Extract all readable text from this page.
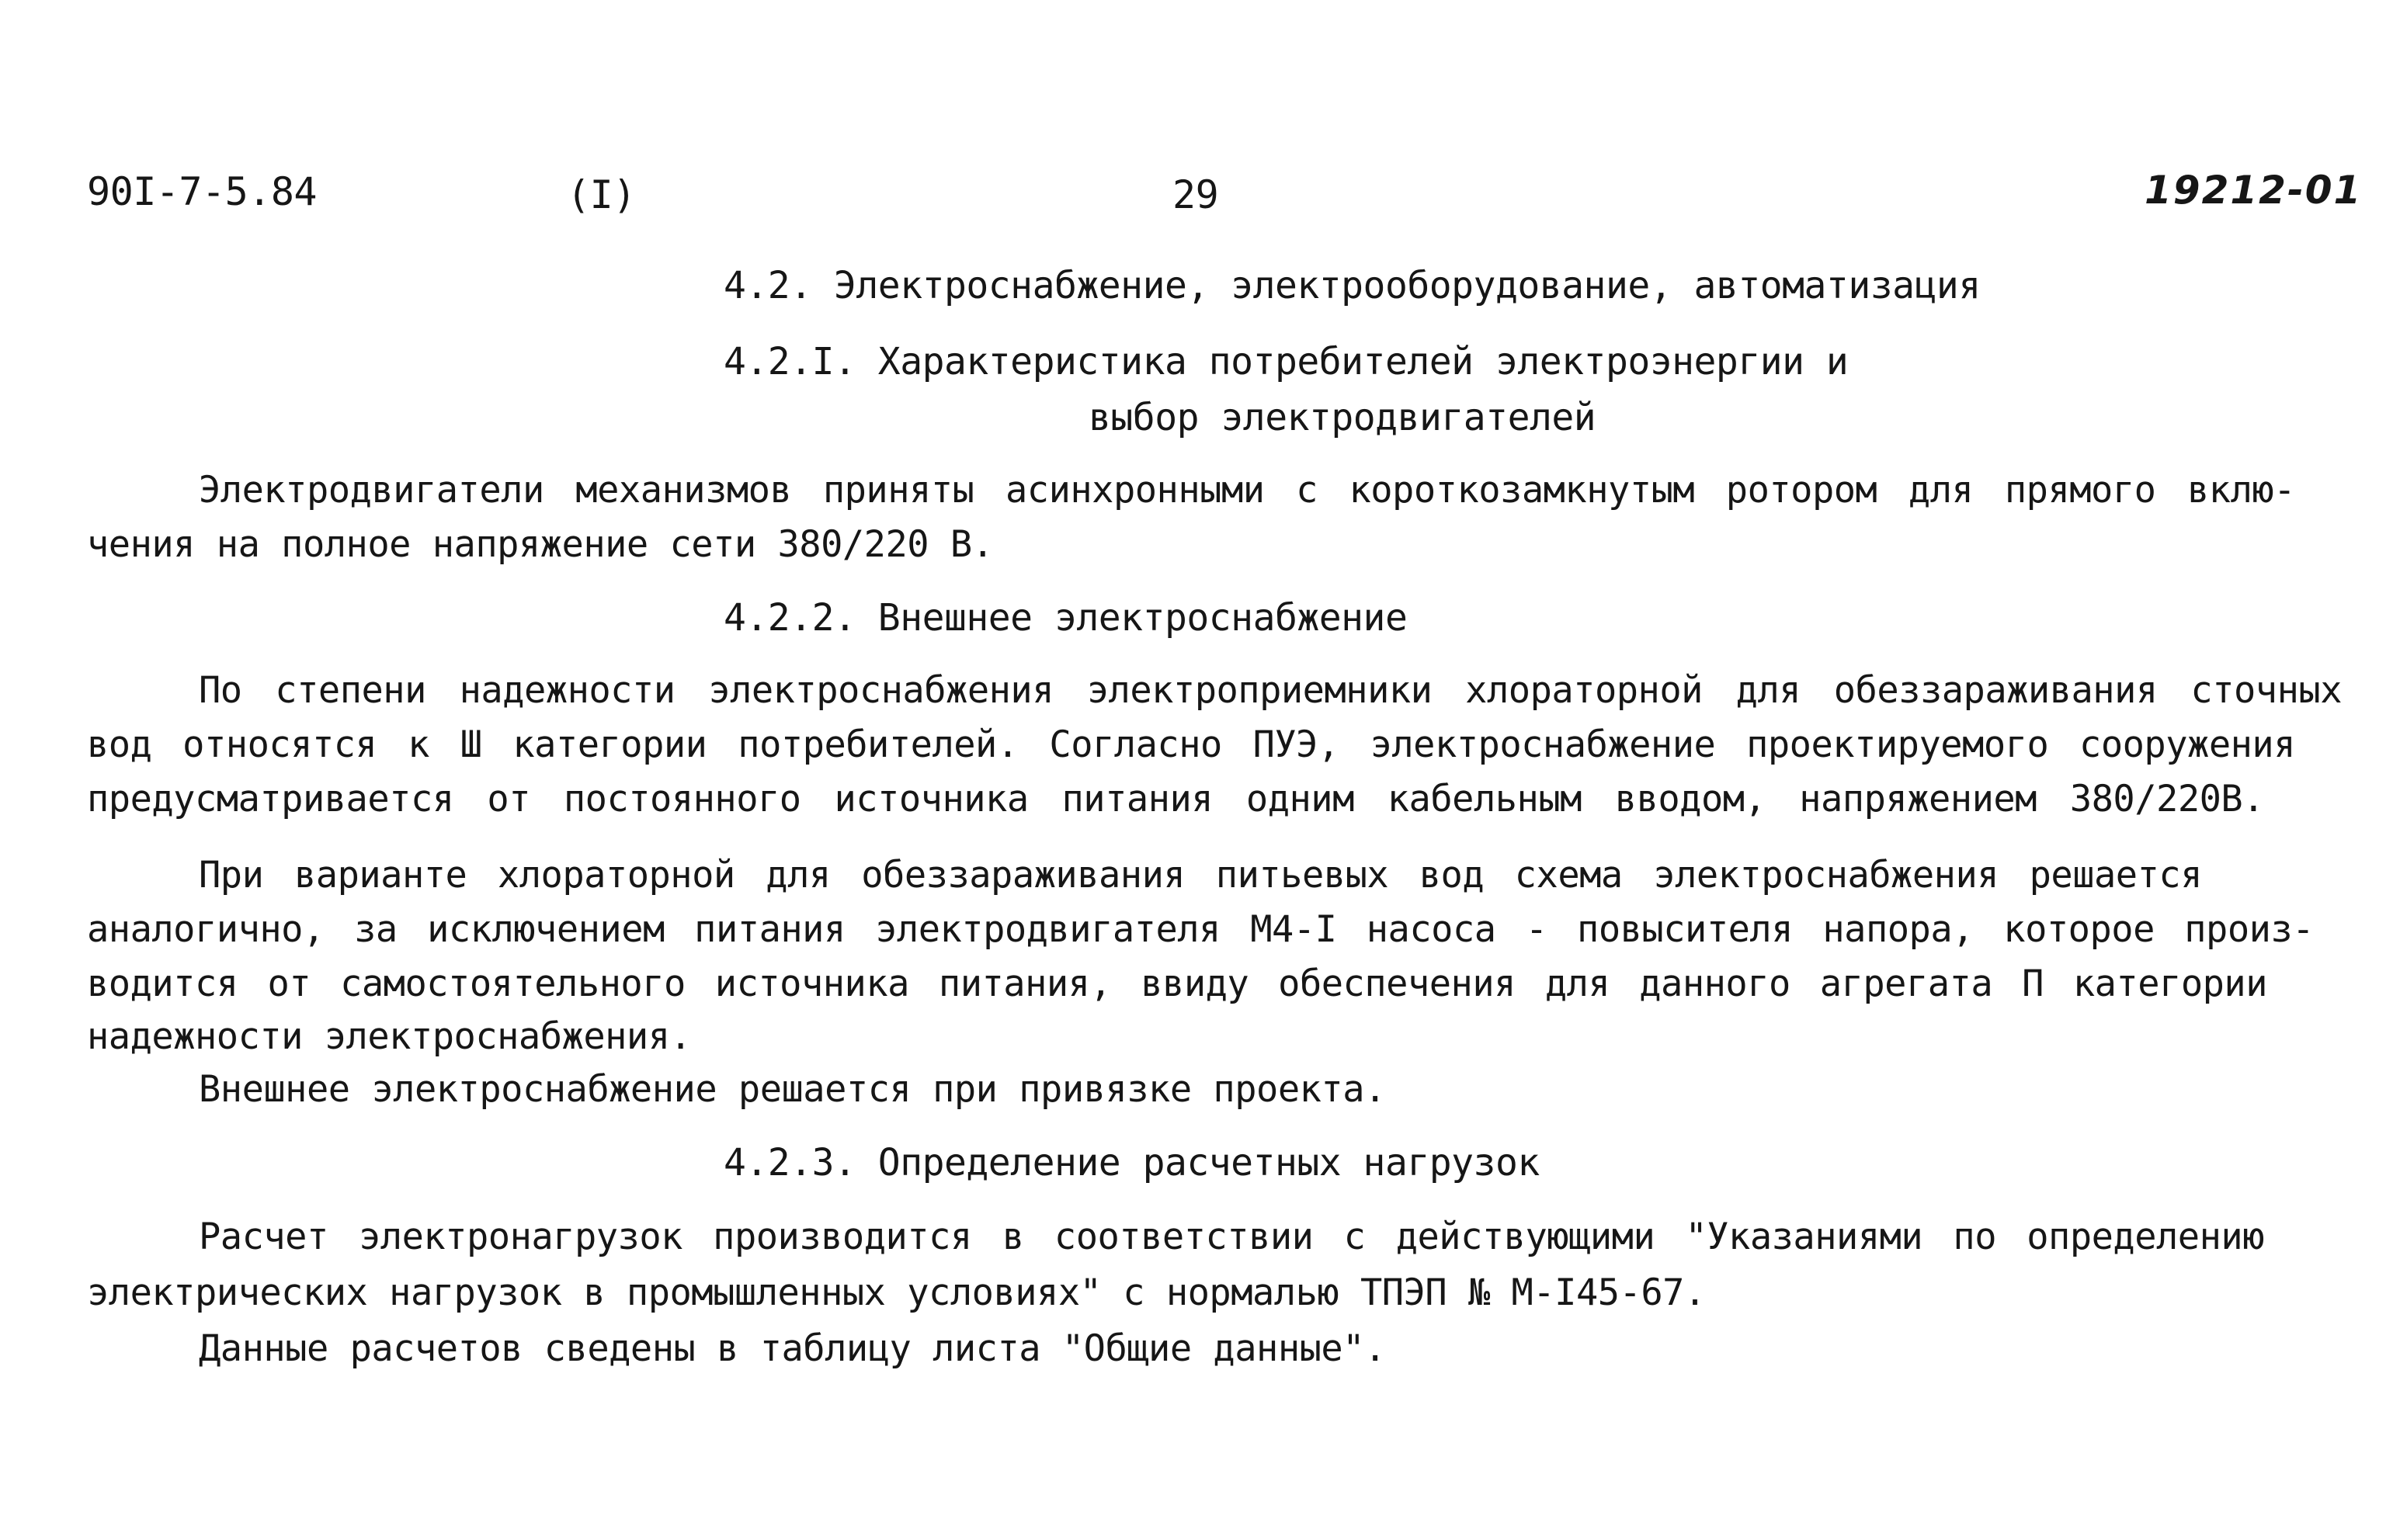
90I-7-5.84	(I)	29	19212-01
4.2. Электроснабжение, электрооборудование, автоматизация
4.2.I. Характеристика потребителей электроэнергии и
выбор электродвигателей
Электродвигатели механизмов приняты асинхронными с короткозамкнутым ротором для прямого вклю-
чения на полное напряжение сети 380/220 В.
4.2.2. Внешнее электроснабжение
По степени надежности электроснабжения электроприемники хлораторной для обеззараживания сточных
вод относятся к Ш категории потребителей. Согласно ПУЭ, электроснабжение проектируемого сооружения
предусматривается от постоянного источника питания одним кабельным вводом, напряжением 380/220В.
При варианте хлораторной для обеззараживания питьевых вод схема электроснабжения решается
аналогично, за исключением питания электродвигателя М4-I насоса - повысителя напора, которое произ-
водится от самостоятельного источника питания, ввиду обеспечения для данного агрегата П категории
надежности электроснабжения.
Внешнее электроснабжение решается при привязке проекта.
4.2.3. Определение расчетных нагрузок
Расчет электронагрузок производится в соответствии с действующими "Указаниями по определению
электрических нагрузок в промышленных условиях" с нормалью ТПЭП № М-I45-67.
Данные расчетов сведены в таблицу листа "Общие данные".
